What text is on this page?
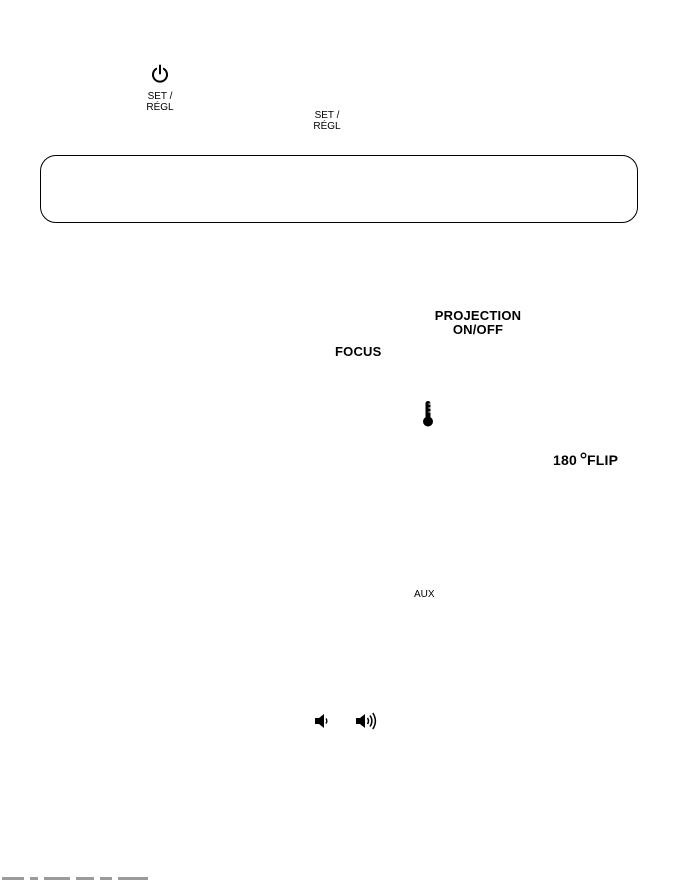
SET /
RÉGL
SET /
RÉGL
PROJECTION
ON/OFF
FOCUS
180 FLIP
AUX
